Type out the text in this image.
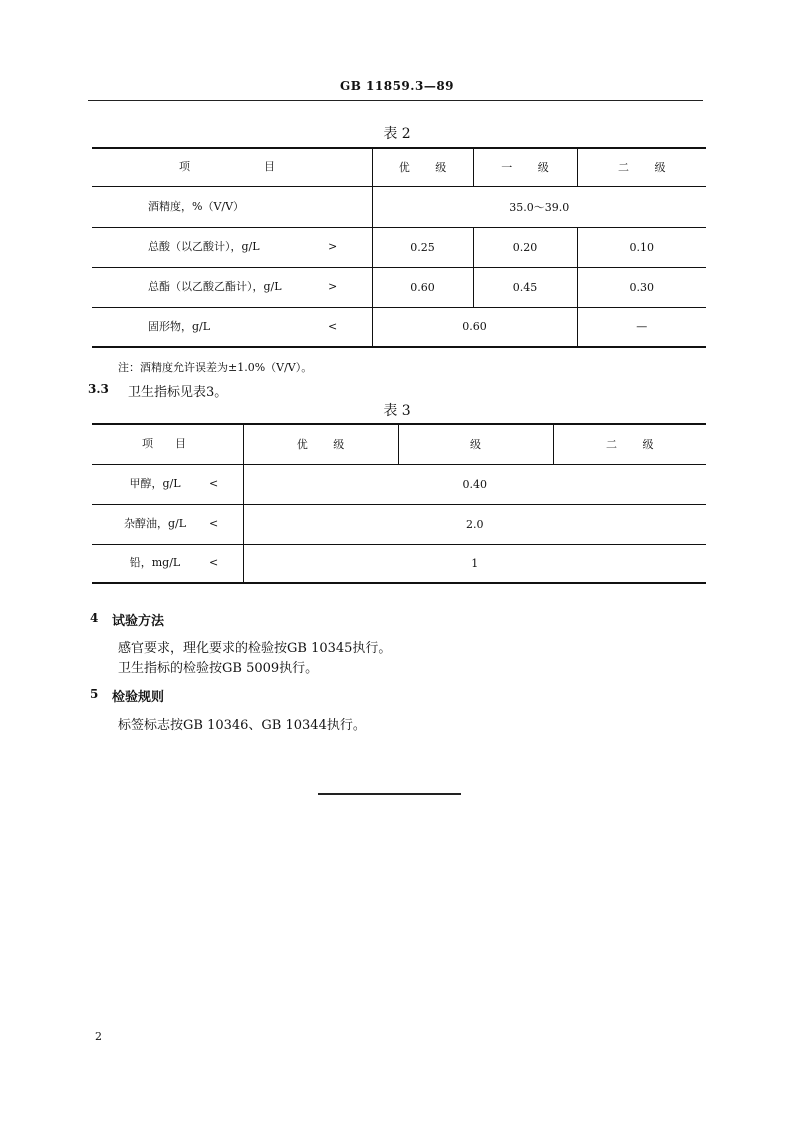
GB 11859.3—89
表 2
项 目	优 级	一 级	二 级

酒精度，%（V/V）	35.0～39.0		

总酸（以乙酸计），g/L >	0.25	0.20	0.10

总酯（以乙酸乙酯计），g/L >	0.60	0.45	0.30

固形物，g/L <	0.60		—
注：酒精度允许误差为±1.0%（V/V）。
3.3 卫生指标见表3。
表 3
项 目	优 级	级	二 级

甲醇，g/L <	0.40		

杂醇油，g/L <	2.0		

铅，mg/L <	1		
4 试验方法
感官要求，理化要求的检验按GB 10345执行。
卫生指标的检验按GB 5009执行。
5 检验规则
标签标志按GB 10346、GB 10344执行。
2
